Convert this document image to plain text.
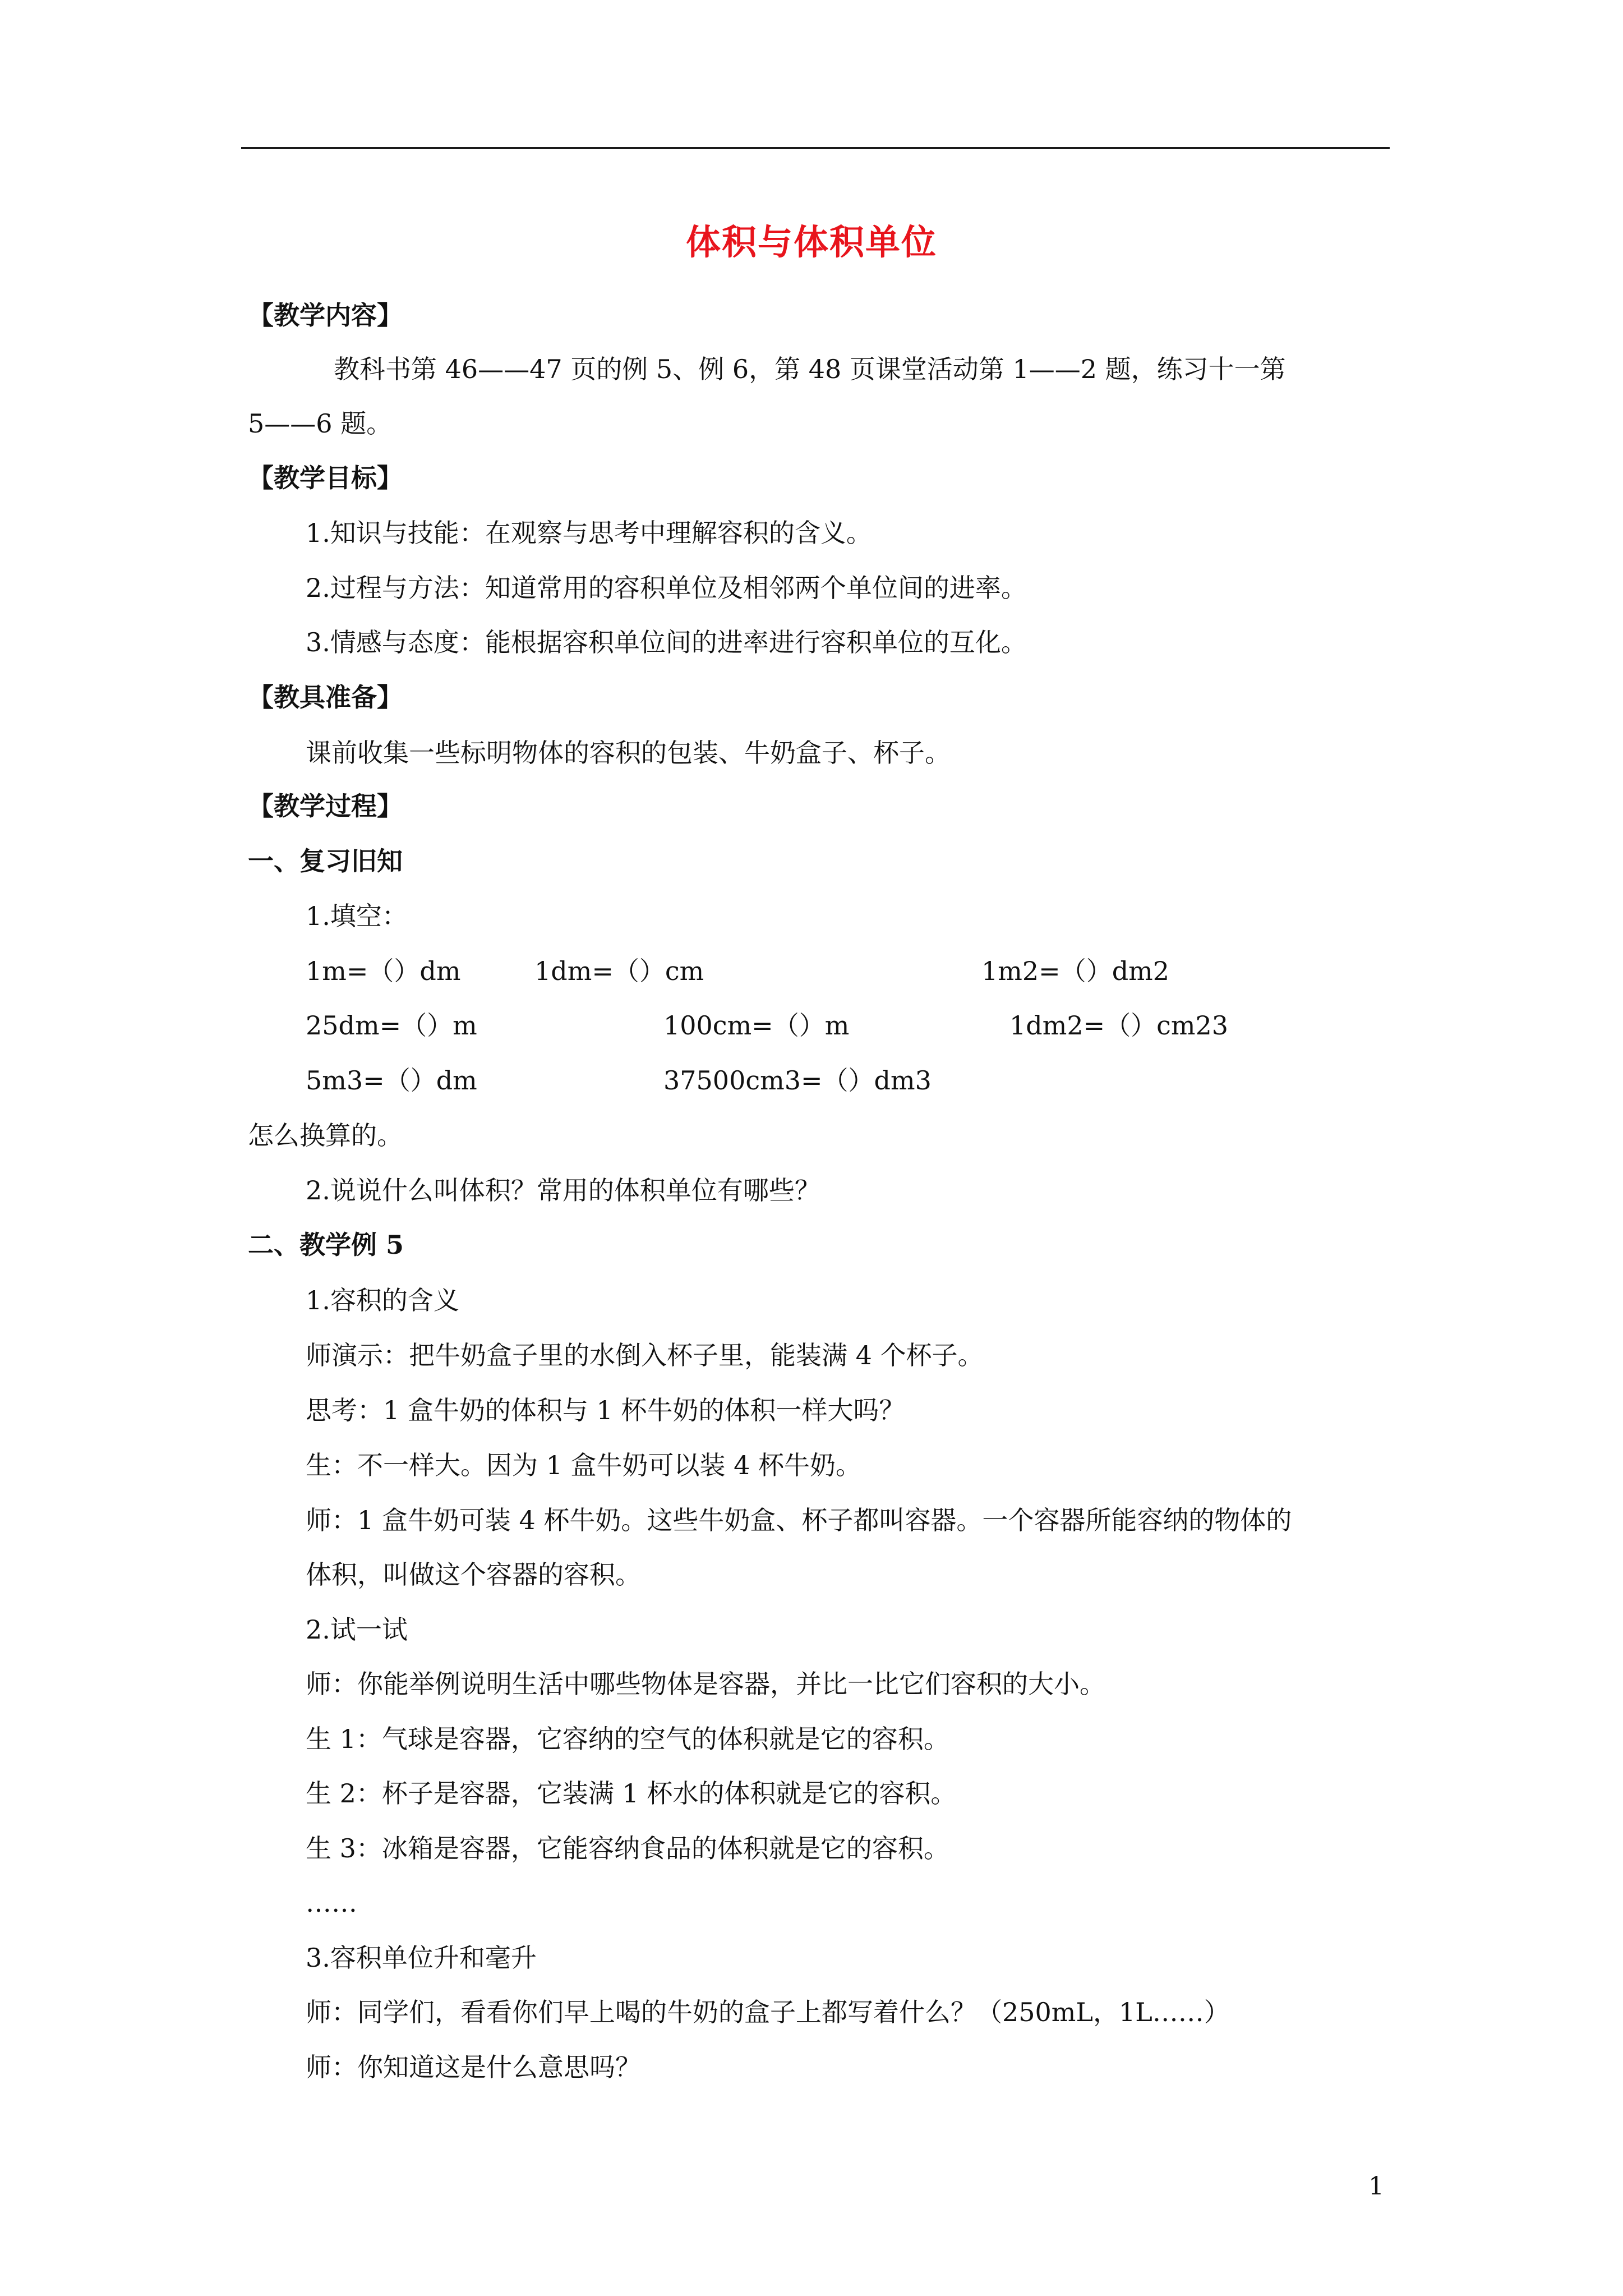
体积与体积单位
【教学内容】
教科书第 46——47 页的例 5、例 6，第 48 页课堂活动第 1——2 题，练习十一第
5——6 题。
【教学目标】
1.知识与技能：在观察与思考中理解容积的含义。
2.过程与方法：知道常用的容积单位及相邻两个单位间的进率。
3.情感与态度：能根据容积单位间的进率进行容积单位的互化。
【教具准备】
课前收集一些标明物体的容积的包装、牛奶盒子、杯子。
【教学过程】
一、复习旧知
1.填空：
1m=（）dm	1dm=（）cm	1m2=（）dm2
25dm=（）m	100cm=（）m	1dm2=（）cm23
5m3=（）dm	37500cm3=（）dm3
怎么换算的。
2.说说什么叫体积？常用的体积单位有哪些？
二、教学例 5
1.容积的含义
师演示：把牛奶盒子里的水倒入杯子里，能装满 4 个杯子。
思考：1 盒牛奶的体积与 1 杯牛奶的体积一样大吗？
生：不一样大。因为 1 盒牛奶可以装 4 杯牛奶。
师：1 盒牛奶可装 4 杯牛奶。这些牛奶盒、杯子都叫容器。一个容器所能容纳的物体的
体积，叫做这个容器的容积。
2.试一试
师：你能举例说明生活中哪些物体是容器，并比一比它们容积的大小。
生 1：气球是容器，它容纳的空气的体积就是它的容积。
生 2：杯子是容器，它装满 1 杯水的体积就是它的容积。
生 3：冰箱是容器，它能容纳食品的体积就是它的容积。
……
3.容积单位升和毫升
师：同学们，看看你们早上喝的牛奶的盒子上都写着什么？（250mL，1L……）
师：你知道这是什么意思吗？
1
